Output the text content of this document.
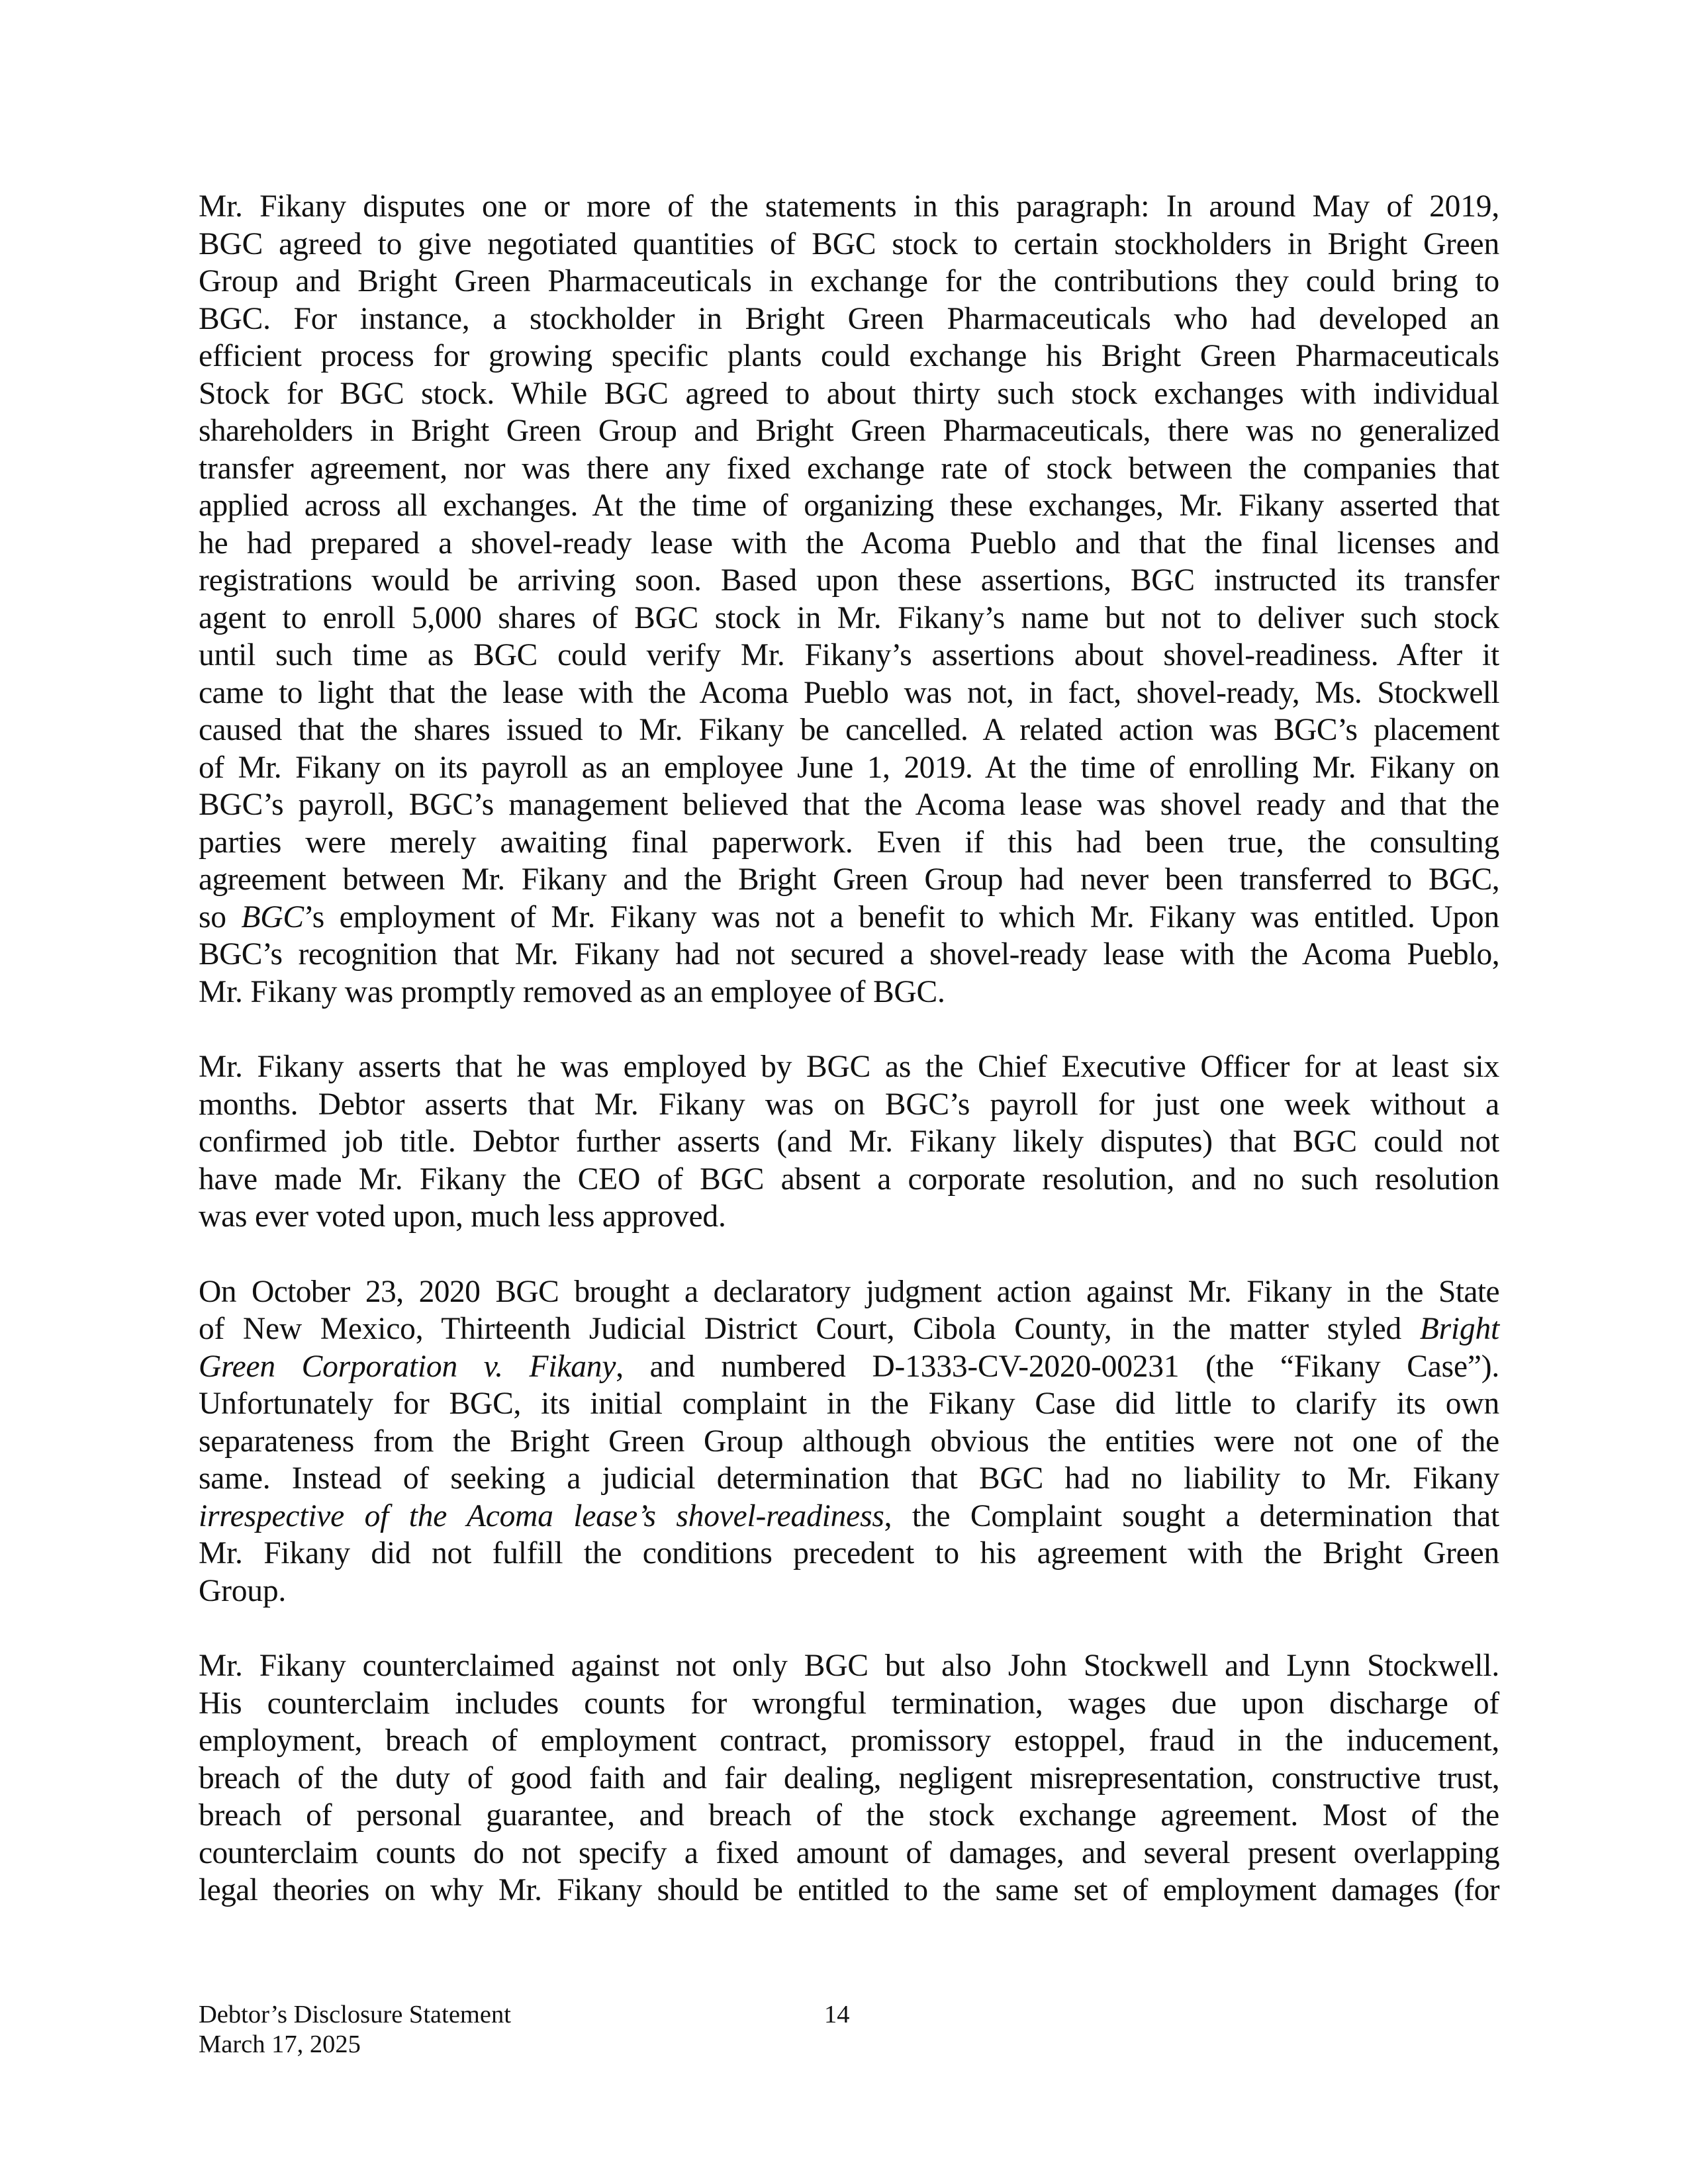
Mr. Fikany disputes one or more of the statements in this paragraph: In around May of 2019,
BGC agreed to give negotiated quantities of BGC stock to certain stockholders in Bright Green
Group and Bright Green Pharmaceuticals in exchange for the contributions they could bring to
BGC. For instance, a stockholder in Bright Green Pharmaceuticals who had developed an
efficient process for growing specific plants could exchange his Bright Green Pharmaceuticals
Stock for BGC stock. While BGC agreed to about thirty such stock exchanges with individual
shareholders in Bright Green Group and Bright Green Pharmaceuticals, there was no generalized
transfer agreement, nor was there any fixed exchange rate of stock between the companies that
applied across all exchanges. At the time of organizing these exchanges, Mr. Fikany asserted that
he had prepared a shovel-ready lease with the Acoma Pueblo and that the final licenses and
registrations would be arriving soon. Based upon these assertions, BGC instructed its transfer
agent to enroll 5,000 shares of BGC stock in Mr. Fikany’s name but not to deliver such stock
until such time as BGC could verify Mr. Fikany’s assertions about shovel-readiness. After it
came to light that the lease with the Acoma Pueblo was not, in fact, shovel-ready, Ms. Stockwell
caused that the shares issued to Mr. Fikany be cancelled. A related action was BGC’s placement
of Mr. Fikany on its payroll as an employee June 1, 2019. At the time of enrolling Mr. Fikany on
BGC’s payroll, BGC’s management believed that the Acoma lease was shovel ready and that the
parties were merely awaiting final paperwork. Even if this had been true, the consulting
agreement between Mr. Fikany and the Bright Green Group had never been transferred to BGC,
so BGC’s employment of Mr. Fikany was not a benefit to which Mr. Fikany was entitled. Upon
BGC’s recognition that Mr. Fikany had not secured a shovel-ready lease with the Acoma Pueblo,
Mr. Fikany was promptly removed as an employee of BGC.

Mr. Fikany asserts that he was employed by BGC as the Chief Executive Officer for at least six
months. Debtor asserts that Mr. Fikany was on BGC’s payroll for just one week without a
confirmed job title. Debtor further asserts (and Mr. Fikany likely disputes) that BGC could not
have made Mr. Fikany the CEO of BGC absent a corporate resolution, and no such resolution
was ever voted upon, much less approved.

On October 23, 2020 BGC brought a declaratory judgment action against Mr. Fikany in the State
of New Mexico, Thirteenth Judicial District Court, Cibola County, in the matter styled Bright
Green Corporation v. Fikany, and numbered D-1333-CV-2020-00231 (the “Fikany Case”).
Unfortunately for BGC, its initial complaint in the Fikany Case did little to clarify its own
separateness from the Bright Green Group although obvious the entities were not one of the
same. Instead of seeking a judicial determination that BGC had no liability to Mr. Fikany
irrespective of the Acoma lease’s shovel-readiness, the Complaint sought a determination that
Mr. Fikany did not fulfill the conditions precedent to his agreement with the Bright Green
Group.

Mr. Fikany counterclaimed against not only BGC but also John Stockwell and Lynn Stockwell.
His counterclaim includes counts for wrongful termination, wages due upon discharge of
employment, breach of employment contract, promissory estoppel, fraud in the inducement,
breach of the duty of good faith and fair dealing, negligent misrepresentation, constructive trust,
breach of personal guarantee, and breach of the stock exchange agreement. Most of the
counterclaim counts do not specify a fixed amount of damages, and several present overlapping
legal theories on why Mr. Fikany should be entitled to the same set of employment damages (for

Debtor’s Disclosure Statement
March 17, 2025
14
